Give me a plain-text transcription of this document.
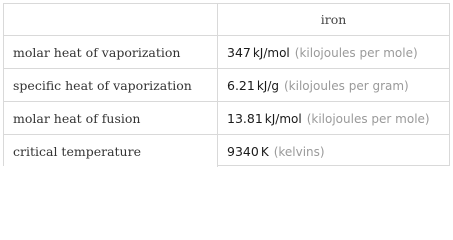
	iron
molar heat of vaporization	347 kJ/mol (kilojoules per mole)
specific heat of vaporization	6.21 kJ/g (kilojoules per gram)
molar heat of fusion	13.81 kJ/mol (kilojoules per mole)
critical temperature	9340 K (kelvins)
